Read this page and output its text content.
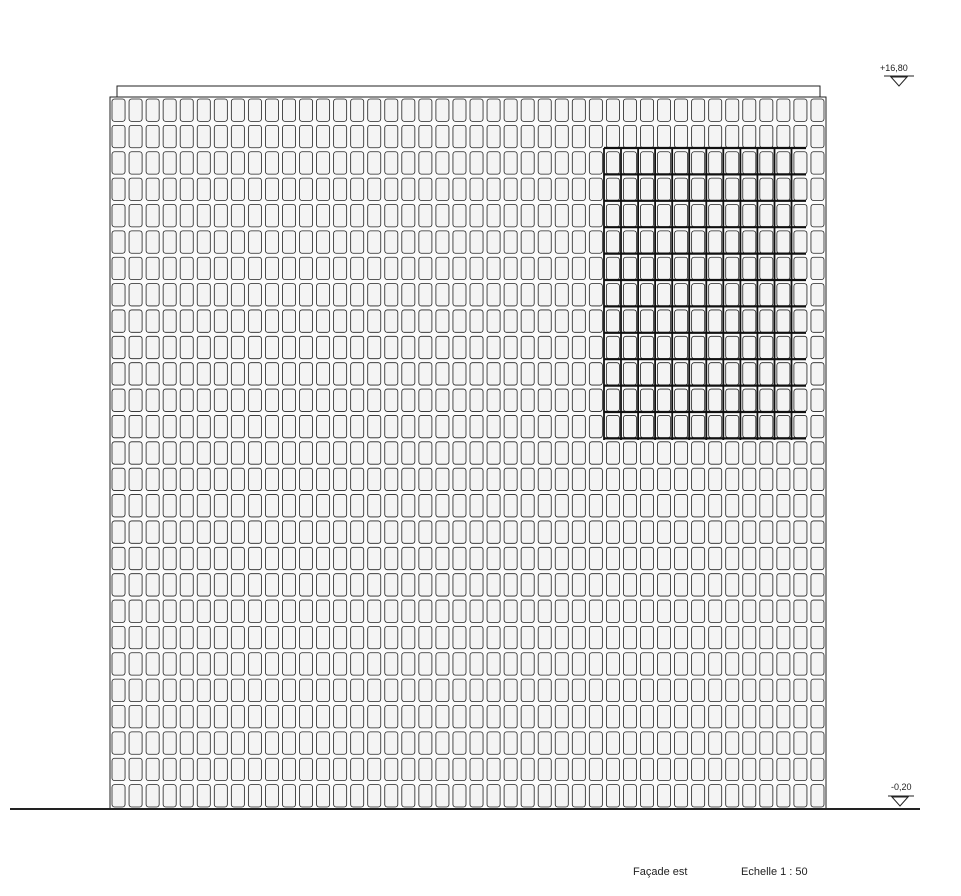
+16,80
-0,20
Façade est	Echelle 1 : 50
